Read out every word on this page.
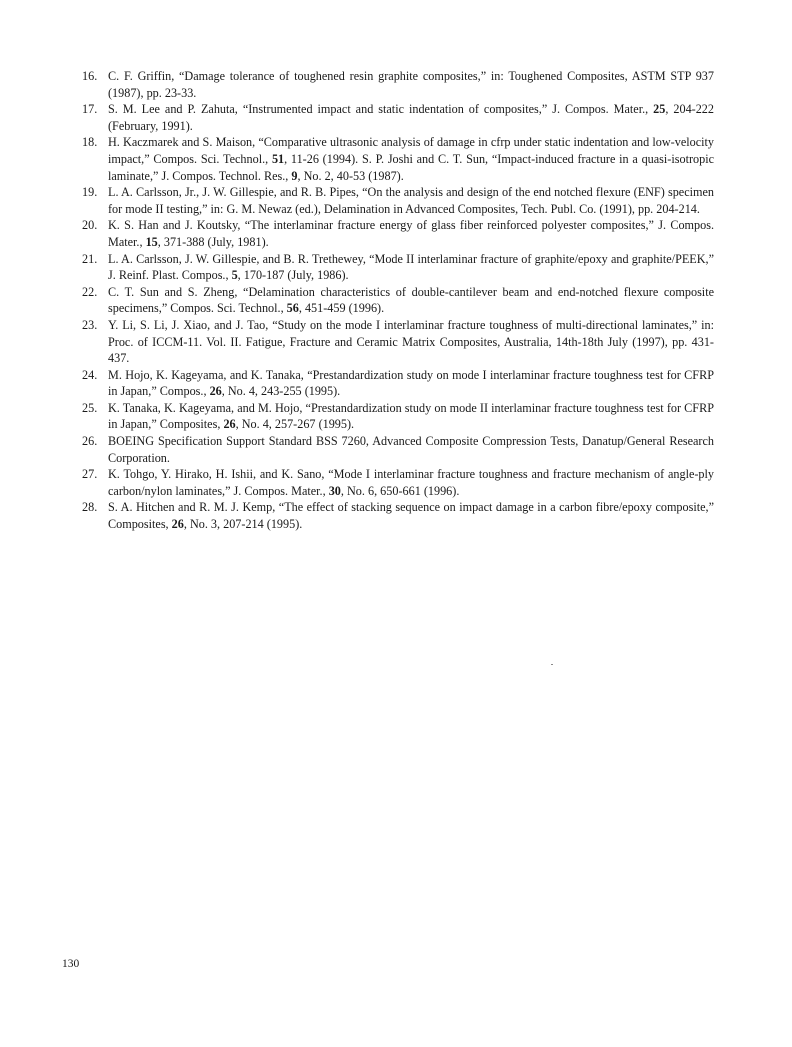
16. C. F. Griffin, “Damage tolerance of toughened resin graphite composites,” in: Toughened Composites, ASTM STP 937 (1987), pp. 23-33.
17. S. M. Lee and P. Zahuta, “Instrumented impact and static indentation of composites,” J. Compos. Mater., 25, 204-222 (February, 1991).
18. H. Kaczmarek and S. Maison, “Comparative ultrasonic analysis of damage in cfrp under static indentation and low-velocity impact,” Compos. Sci. Technol., 51, 11-26 (1994). S. P. Joshi and C. T. Sun, “Impact-induced fracture in a quasi-isotropic laminate,” J. Compos. Technol. Res., 9, No. 2, 40-53 (1987).
19. L. A. Carlsson, Jr., J. W. Gillespie, and R. B. Pipes, “On the analysis and design of the end notched flexure (ENF) specimen for mode II testing,” in: G. M. Newaz (ed.), Delamination in Advanced Composites, Tech. Publ. Co. (1991), pp. 204-214.
20. K. S. Han and J. Koutsky, “The interlaminar fracture energy of glass fiber reinforced polyester composites,” J. Compos. Mater., 15, 371-388 (July, 1981).
21. L. A. Carlsson, J. W. Gillespie, and B. R. Trethewey, “Mode II interlaminar fracture of graphite/epoxy and graphite/PEEK,” J. Reinf. Plast. Compos., 5, 170-187 (July, 1986).
22. C. T. Sun and S. Zheng, “Delamination characteristics of double-cantilever beam and end-notched flexure composite specimens,” Compos. Sci. Technol., 56, 451-459 (1996).
23. Y. Li, S. Li, J. Xiao, and J. Tao, “Study on the mode I interlaminar fracture toughness of multi-directional laminates,” in: Proc. of ICCM-11. Vol. II. Fatigue, Fracture and Ceramic Matrix Composites, Australia, 14th-18th July (1997), pp. 431-437.
24. M. Hojo, K. Kageyama, and K. Tanaka, “Prestandardization study on mode I interlaminar fracture toughness test for CFRP in Japan,” Compos., 26, No. 4, 243-255 (1995).
25. K. Tanaka, K. Kageyama, and M. Hojo, “Prestandardization study on mode II interlaminar fracture toughness test for CFRP in Japan,” Composites, 26, No. 4, 257-267 (1995).
26. BOEING Specification Support Standard BSS 7260, Advanced Composite Compression Tests, Danatup/General Research Corporation.
27. K. Tohgo, Y. Hirako, H. Ishii, and K. Sano, “Mode I interlaminar fracture toughness and fracture mechanism of angle-ply carbon/nylon laminates,” J. Compos. Mater., 30, No. 6, 650-661 (1996).
28. S. A. Hitchen and R. M. J. Kemp, “The effect of stacking sequence on impact damage in a carbon fibre/epoxy composite,” Composites, 26, No. 3, 207-214 (1995).
130
